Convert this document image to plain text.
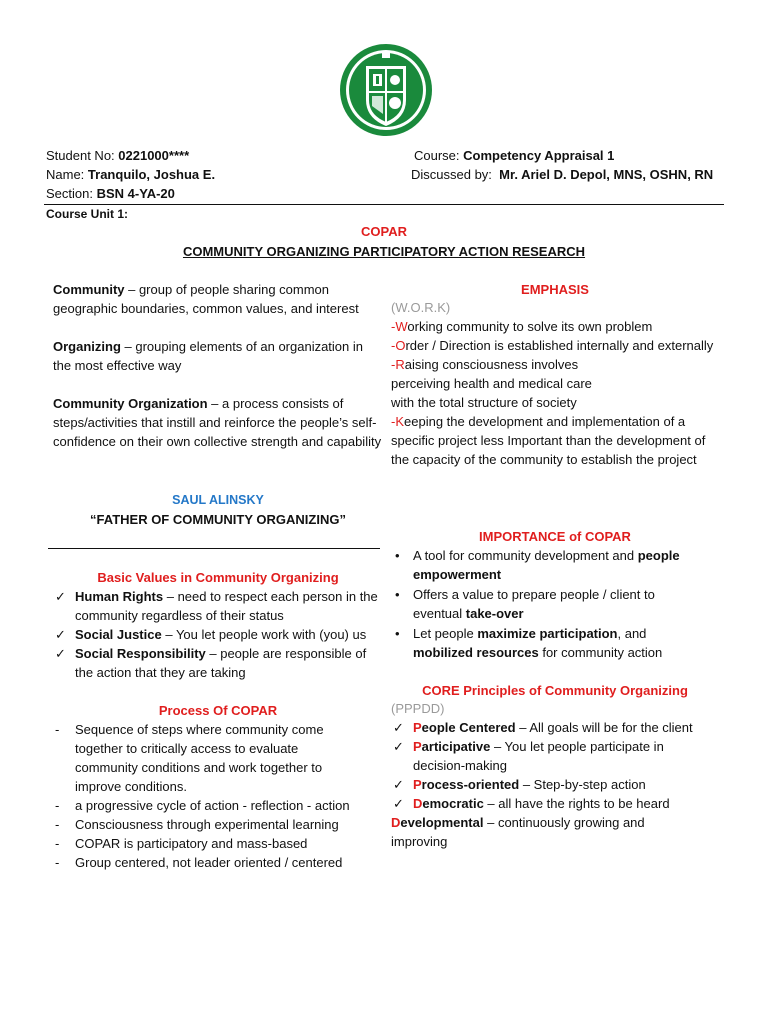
Student No: 0221000****
Name: Tranquilo, Joshua E.
Section: BSN 4-YA-20
Course: Competency Appraisal 1
Discussed by: Mr. Ariel D. Depol, MNS, OSHN, RN
Course Unit 1:
COPAR
COMMUNITY ORGANIZING PARTICIPATORY ACTION RESEARCH

Community – group of people sharing common geographic boundaries, common values, and interest

Organizing – grouping elements of an organization in the most effective way

Community Organization – a process consists of steps/activities that instill and reinforce the people’s self-confidence on their own collective strength and capability

SAUL ALINSKY
“FATHER OF COMMUNITY ORGANIZING”
Basic Values in Community Organizing
✓ Human Rights – need to respect each person in the community regardless of their status
✓ Social Justice – You let people work with (you) us
✓ Social Responsibility – people are responsible of the action that they are taking
Process Of COPAR
- Sequence of steps where community come together to critically access to evaluate community conditions and work together to improve conditions.
- a progressive cycle of action - reflection - action
- Consciousness through experimental learning
- COPAR is participatory and mass-based
- Group centered, not leader oriented / centered
EMPHASIS

(W.O.R.K)

-Working community to solve its own problem

-Order / Direction is established internally and externally

-Raising consciousness involves perceiving health and medical care with the total structure of society

-Keeping the development and implementation of a specific project less Important than the development of the capacity of the community to establish the project

IMPORTANCE of COPAR
• A tool for community development and people empowerment
• Offers a value to prepare people / client to eventual take-over
• Let people maximize participation, and mobilized resources for community action
CORE Principles of Community Organizing
(PPPDD)
✓ People Centered – All goals will be for the client
✓ Participative – You let people participate in decision-making
✓ Process-oriented – Step-by-step action
✓ Democratic – all have the rights to be heard

Developmental – continuously growing and improving
